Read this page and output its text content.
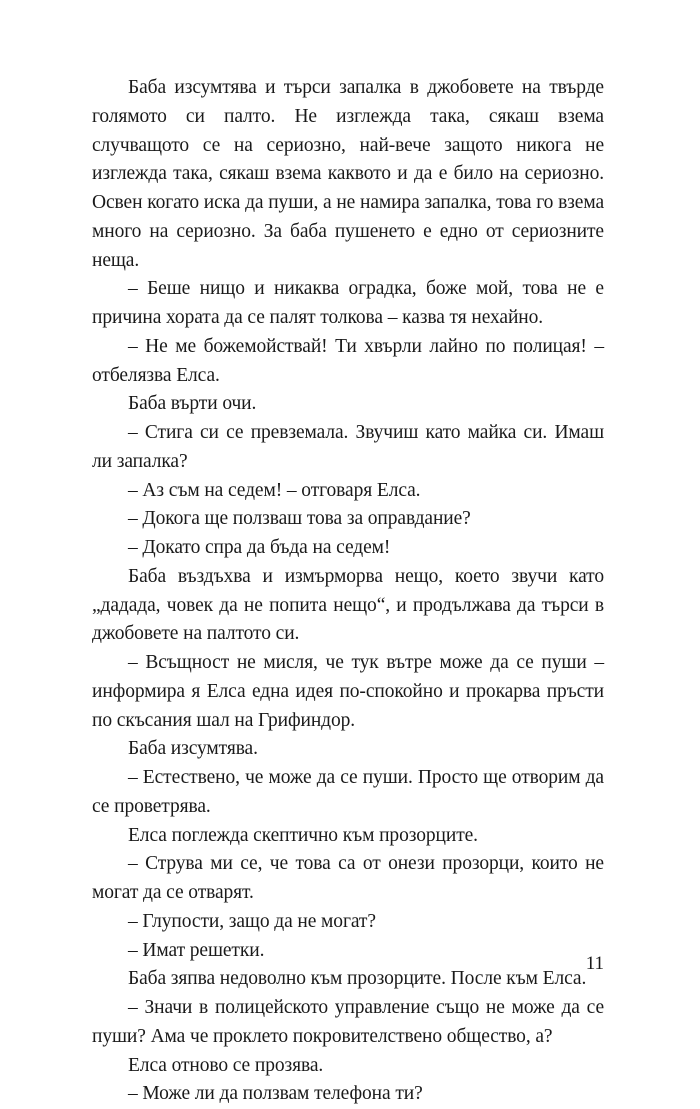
Баба изсумтява и търси запалка в джобовете на твърде голямото си палто. Не изглежда така, сякаш взема случващото се на сериозно, най-вече защото никога не изглежда така, сякаш взема каквото и да е било на сериозно. Освен когато иска да пуши, а не намира запалка, това го взема много на сериозно. За баба пушенето е едно от сериозните неща.

– Беше нищо и никаква оградка, боже мой, това не е причина хората да се палят толкова – казва тя нехайно.

– Не ме божемойствай! Ти хвърли лайно по полицая! – отбелязва Елса.

Баба върти очи.

– Стига си се превземала. Звучиш като майка си. Имаш ли запалка?

– Аз съм на седем! – отговаря Елса.

– Докога ще ползваш това за оправдание?

– Докато спра да бъда на седем!

Баба въздъхва и измърморва нещо, което звучи като „дадада, човек да не попита нещо“, и продължава да търси в джобовете на палтото си.

– Всъщност не мисля, че тук вътре може да се пуши – информира я Елса една идея по-спокойно и прокарва пръсти по скъсания шал на Грифиндор.

Баба изсумтява.

– Естествено, че може да се пуши. Просто ще отворим да се проветрява.

Елса поглежда скептично към прозорците.

– Струва ми се, че това са от онези прозорци, които не могат да се отварят.

– Глупости, защо да не могат?

– Имат решетки.

Баба зяпва недоволно към прозорците. После към Елса.

– Значи в полицейското управление също не може да се пуши? Ама че проклето покровителствено общество, а?

Елса отново се прозява.

– Може ли да ползвам телефона ти?

11
